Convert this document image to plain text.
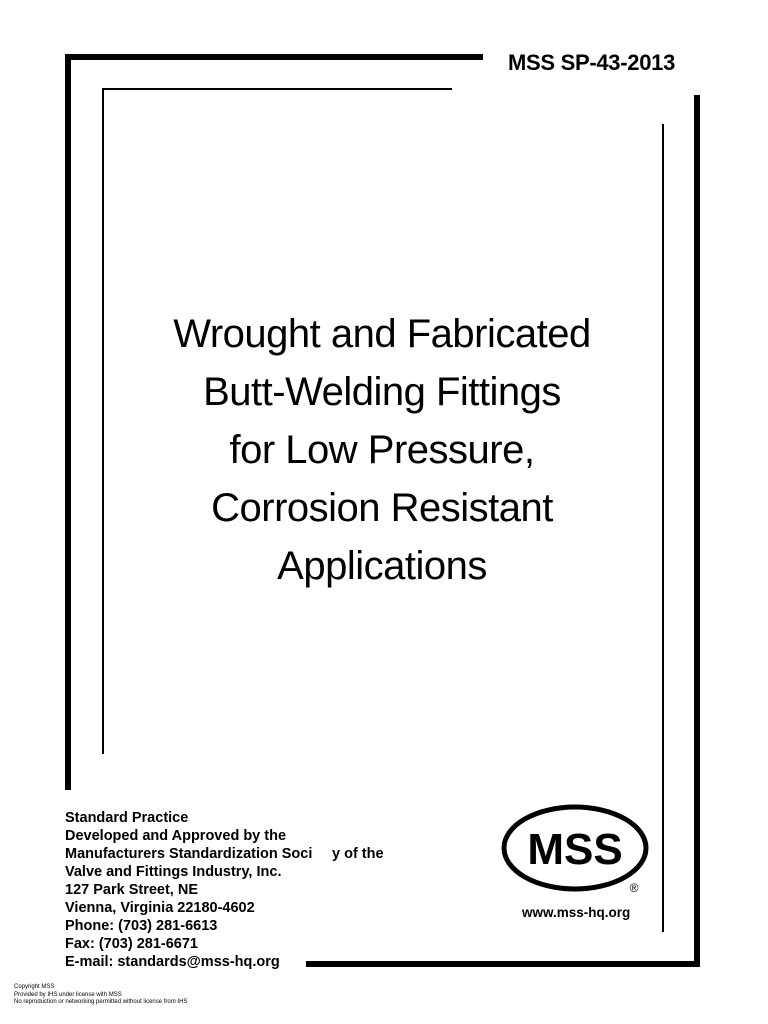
MSS SP-43-2013
Wrought and Fabricated
Butt-Welding Fittings
for Low Pressure,
Corrosion Resistant
Applications
Standard Practice
Developed and Approved by the
Manufacturers Standardization Soci
Valve and Fittings Industry, Inc.
127 Park Street, NE
Vienna, Virginia 22180-4602
Phone: (703) 281-6613
Fax: (703) 281-6671
E-mail: standards@mss-hq.org
y of the	MSS
®
www.mss-hq.org
Copyright MSS
Provided by IHS under license with MSS
No reproduction or networking permitted without license from IHS
